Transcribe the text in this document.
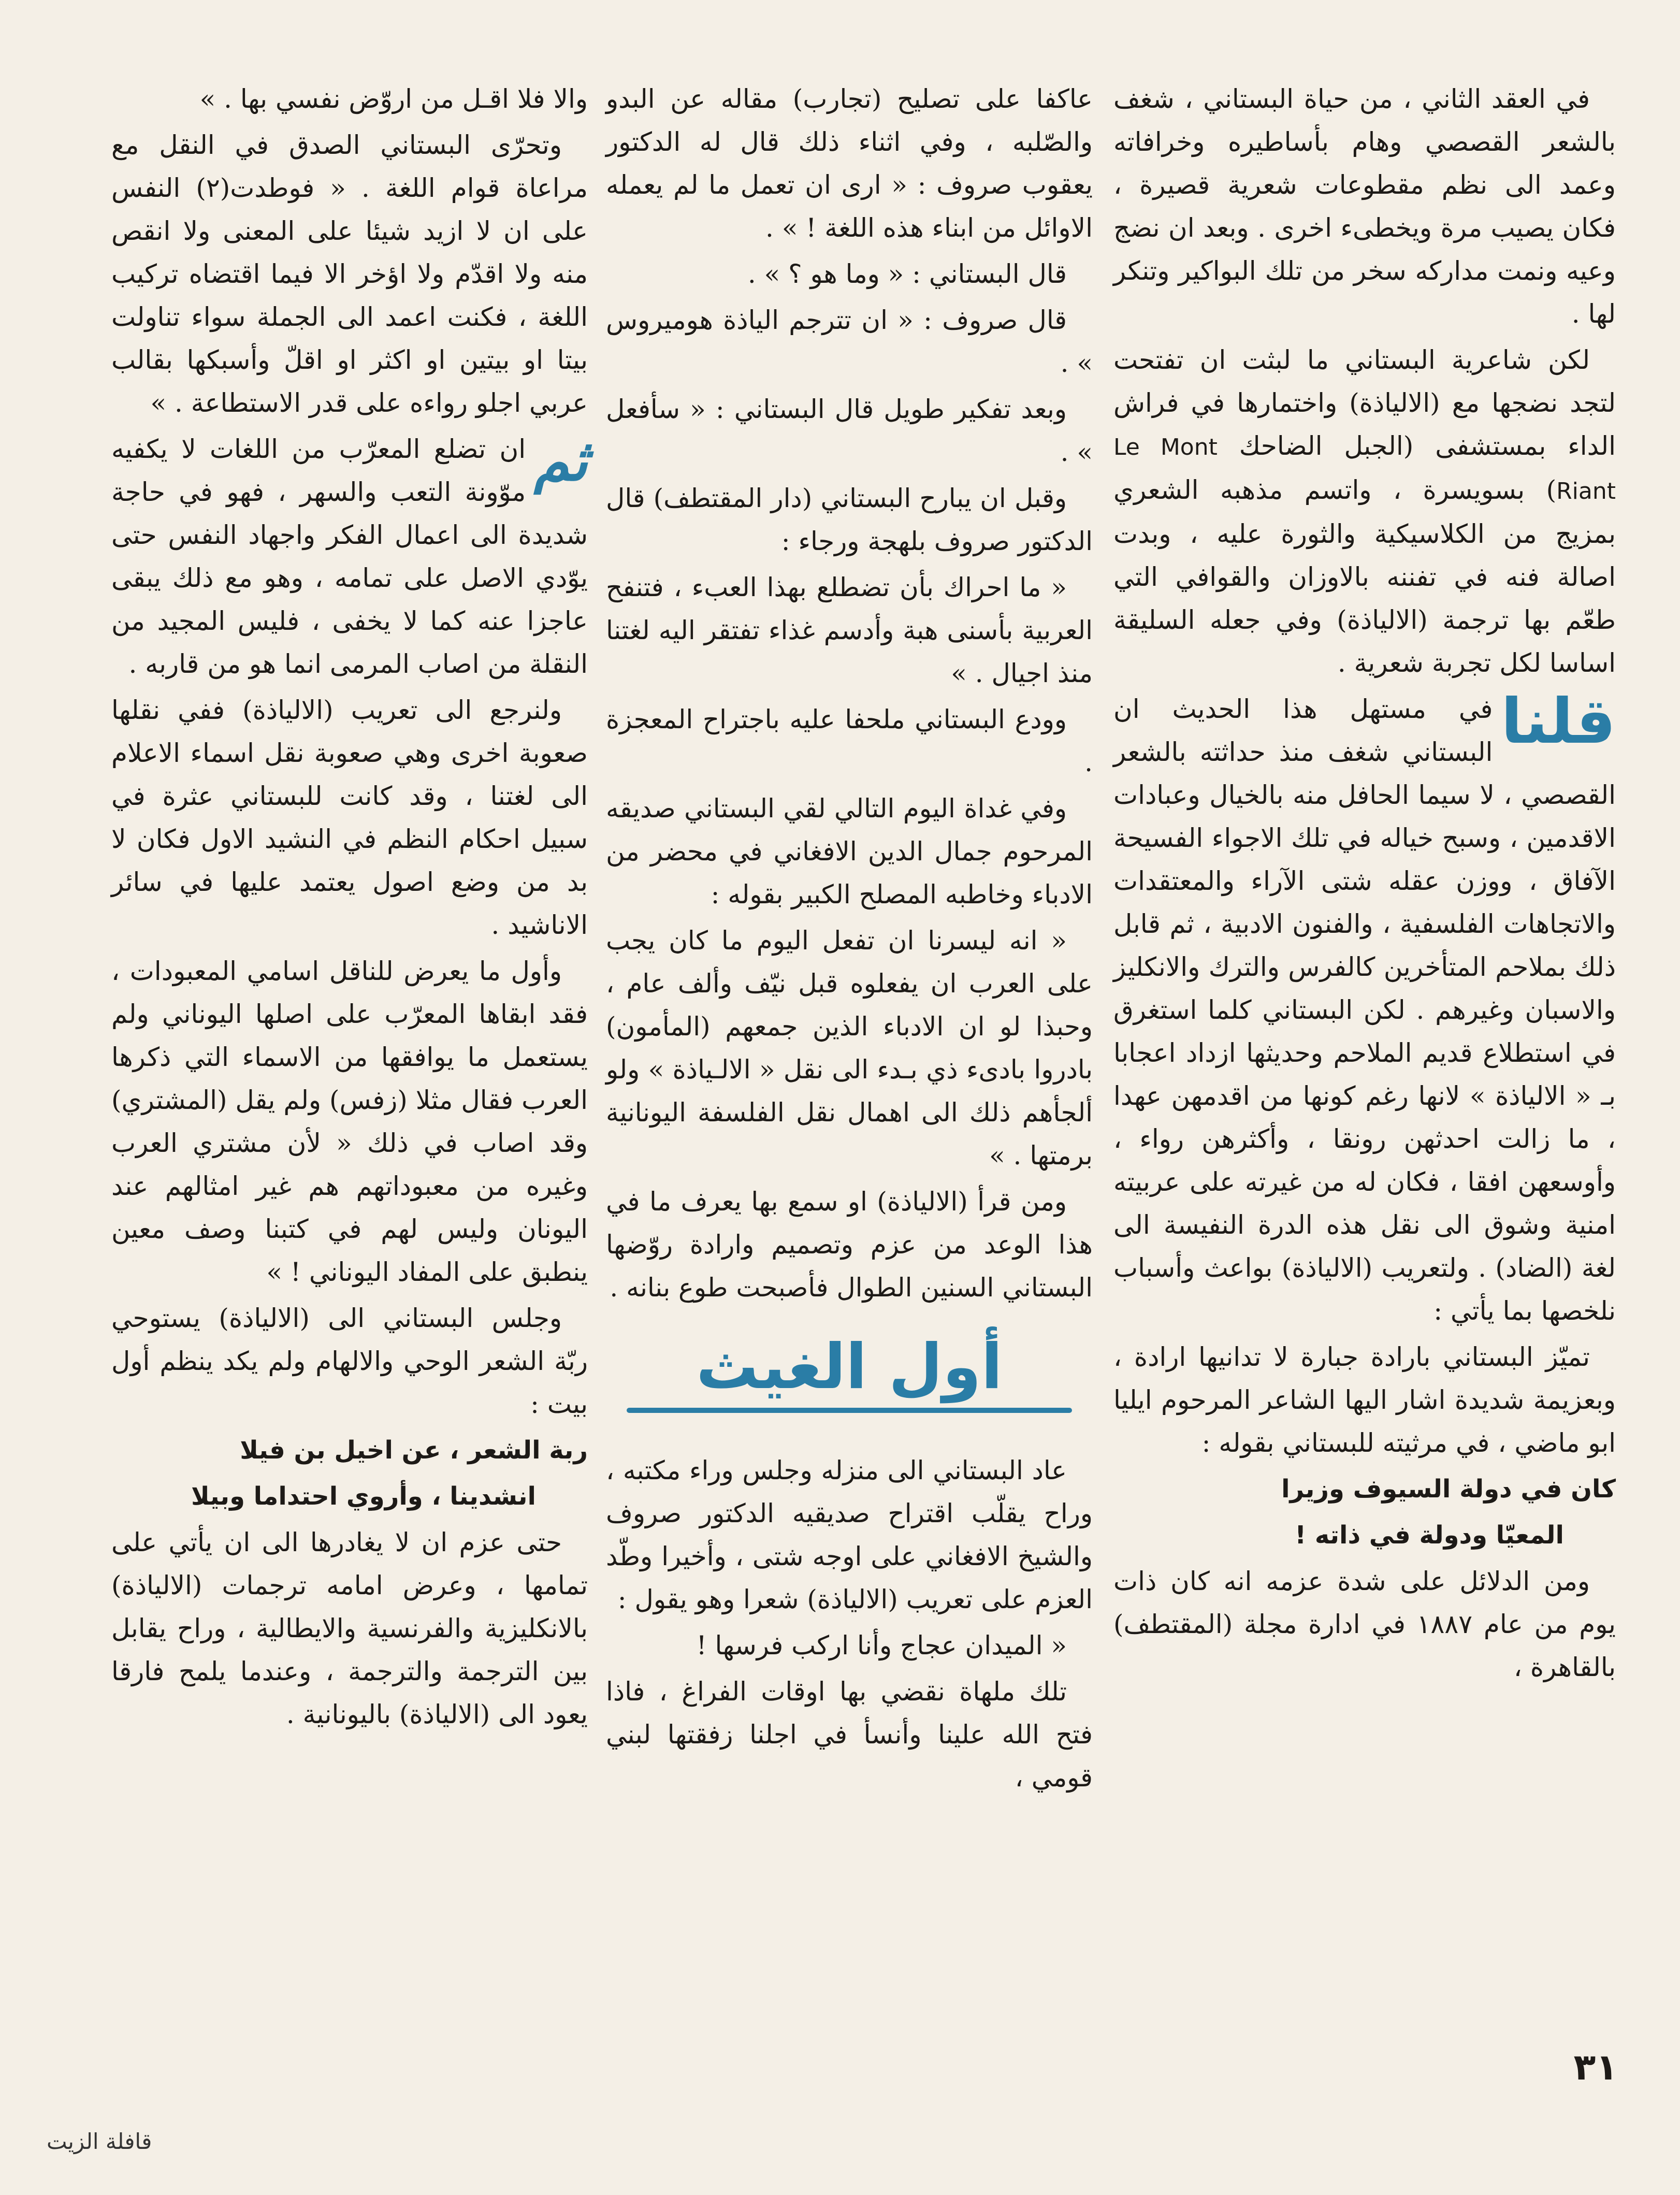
في العقد الثاني ، من حياة البستاني ، شغف بالشعر القصصي وهام بأساطيره وخرافاته وعمد الى نظم مقطوعات شعرية قصيرة ، فكان يصيب مرة ويخطىء اخرى . وبعد ان نضج وعيه ونمت مداركه سخر من تلك البواكير وتنكر لها .

لكن شاعرية البستاني ما لبثت ان تفتحت لتجد نضجها مع (الالياذة) واختمارها في فراش الداء بمستشفى (الجبل الضاحك Le Mont Riant) بسويسرة ، واتسم مذهبه الشعري بمزيج من الكلاسيكية والثورة عليه ، وبدت اصالة فنه في تفننه بالاوزان والقوافي التي طعّم بها ترجمة (الالياذة) وفي جعله السليقة اساسا لكل تجربة شعرية .

قلنا
في مستهل هذا الحديث ان البستاني شغف منذ حداثته بالشعر القصصي ، لا سيما الحافل منه بالخيال وعبادات الاقدمين ، وسبح خياله في تلك الاجواء الفسيحة الآفاق ، ووزن عقله شتى الآراء والمعتقدات والاتجاهات الفلسفية ، والفنون الادبية ، ثم قابل ذلك بملاحم المتأخرين كالفرس والترك والانكليز والاسبان وغيرهم . لكن البستاني كلما استغرق في استطلاع قديم الملاحم وحديثها ازداد اعجابا بـ « الالياذة » لانها رغم كونها من اقدمهن عهدا ، ما زالت احدثهن رونقا ، وأكثرهن رواء ، وأوسعهن افقا ، فكان له من غيرته على عربيته امنية وشوق الى نقل هذه الدرة النفيسة الى لغة (الضاد) . ولتعريب (الالياذة) بواعث وأسباب نلخصها بما يأتي :

تميّز البستاني بارادة جبارة لا تدانيها ارادة ، وبعزيمة شديدة اشار اليها الشاعر المرحوم ايليا ابو ماضي ، في مرثيته للبستاني بقوله :

كان في دولة السيوف وزيرا

المعيّا ودولة في ذاته !

ومن الدلائل على شدة عزمه انه كان ذات يوم من عام ١٨٨٧ في ادارة مجلة (المقتطف) بالقاهرة ،

عاكفا على تصليح (تجارب) مقاله عن البدو والصّلبه ، وفي اثناء ذلك قال له الدكتور يعقوب صروف : « ارى ان تعمل ما لم يعمله الاوائل من ابناء هذه اللغة ! » .

قال البستاني : « وما هو ؟ » .

قال صروف : « ان تترجم الياذة هوميروس » .

وبعد تفكير طويل قال البستاني : « سأفعل » .

وقبل ان يبارح البستاني (دار المقتطف) قال الدكتور صروف بلهجة ورجاء :

« ما احراك بأن تضطلع بهذا العبء ، فتنفح العربية بأسنى هبة وأدسم غذاء تفتقر اليه لغتنا منذ اجيال . »

وودع البستاني ملحفا عليه باجتراح المعجزة .

وفي غداة اليوم التالي لقي البستاني صديقه المرحوم جمال الدين الافغاني في محضر من الادباء وخاطبه المصلح الكبير بقوله :

« انه ليسرنا ان تفعل اليوم ما كان يجب على العرب ان يفعلوه قبل نيّف وألف عام ، وحبذا لو ان الادباء الذين جمعهم (المأمون) بادروا بادىء ذي بـدء الى نقل « الالـياذة » ولو ألجأهم ذلك الى اهمال نقل الفلسفة اليونانية برمتها . »

ومن قرأ (الالياذة) او سمع بها يعرف ما في هذا الوعد من عزم وتصميم وارادة روّضها البستاني السنين الطوال فأصبحت طوع بنانه .

أول الغيث

عاد البستاني الى منزله وجلس وراء مكتبه ، وراح يقلّب اقتراح صديقيه الدكتور صروف والشيخ الافغاني على اوجه شتى ، وأخيرا وطّد العزم على تعريب (الالياذة) شعرا وهو يقول :

« الميدان عجاج وأنا اركب فرسها !

تلك ملهاة نقضي بها اوقات الفراغ ، فاذا فتح الله علينا وأنسأ في اجلنا زفقتها لبني قومي ،

والا فلا اقـل من اروّض نفسي بها . »

وتحرّى البستاني الصدق في النقل مع مراعاة قوام اللغة . « فوطدت(٢) النفس على ان لا ازيد شيئا على المعنى ولا انقص منه ولا اقدّم ولا اؤخر الا فيما اقتضاه تركيب اللغة ، فكنت اعمد الى الجملة سواء تناولت بيتا او بيتين او اكثر او اقلّ وأسبكها بقالب عربي اجلو رواءه على قدر الاستطاعة . »

ثم
ان تضلع المعرّب من اللغات لا يكفيه موّونة التعب والسهر ، فهو في حاجة شديدة الى اعمال الفكر واجهاد النفس حتى يوّدي الاصل على تمامه ، وهو مع ذلك يبقى عاجزا عنه كما لا يخفى ، فليس المجيد من النقلة من اصاب المرمى انما هو من قاربه .

ولنرجع الى تعريب (الالياذة) ففي نقلها صعوبة اخرى وهي صعوبة نقل اسماء الاعلام الى لغتنا ، وقد كانت للبستاني عثرة في سبيل احكام النظم في النشيد الاول فكان لا بد من وضع اصول يعتمد عليها في سائر الاناشيد .

وأول ما يعرض للناقل اسامي المعبودات ، فقد ابقاها المعرّب على اصلها اليوناني ولم يستعمل ما يوافقها من الاسماء التي ذكرها العرب فقال مثلا (زفس) ولم يقل (المشتري) وقد اصاب في ذلك « لأن مشتري العرب وغيره من معبوداتهم هم غير امثالهم عند اليونان وليس لهم في كتبنا وصف معين ينطبق على المفاد اليوناني ! »

وجلس البستاني الى (الالياذة) يستوحي ربّة الشعر الوحي والالهام ولم يكد ينظم أول بيت :

ربة الشعر ، عن اخيل بن فيلا

انشدينا ، وأروي احتداما وبيلا

حتى عزم ان لا يغادرها الى ان يأتي على تمامها ، وعرض امامه ترجمات (الالياذة) بالانكليزية والفرنسية والايطالية ، وراح يقابل بين الترجمة والترجمة ، وعندما يلمح فارقا يعود الى (الالياذة) باليونانية .

٣١
قافلة الزيت
